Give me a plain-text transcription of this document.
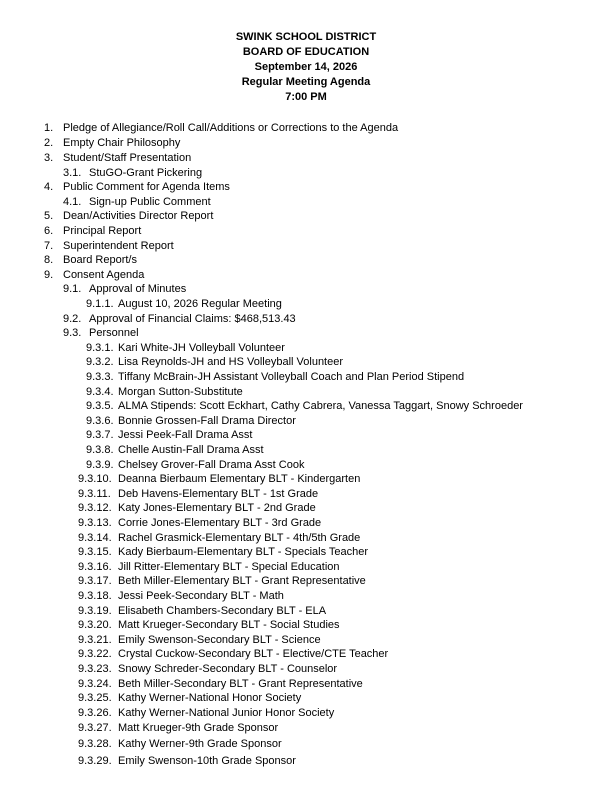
SWINK SCHOOL DISTRICT
BOARD OF EDUCATION
September 14, 2026
Regular Meeting Agenda
7:00 PM
1. Pledge of Allegiance/Roll Call/Additions or Corrections to the Agenda
2. Empty Chair Philosophy
3. Student/Staff Presentation
3.1. StuGO-Grant Pickering
4. Public Comment for Agenda Items
4.1. Sign-up Public Comment
5. Dean/Activities Director Report
6. Principal Report
7. Superintendent Report
8. Board Report/s
9. Consent Agenda
9.1. Approval of Minutes
9.1.1. August 10, 2026 Regular Meeting
9.2. Approval of Financial Claims: $468,513.43
9.3. Personnel
9.3.1. Kari White-JH Volleyball Volunteer
9.3.2. Lisa Reynolds-JH and HS Volleyball Volunteer
9.3.3. Tiffany McBrain-JH Assistant Volleyball Coach and Plan Period Stipend
9.3.4. Morgan Sutton-Substitute
9.3.5. ALMA Stipends: Scott Eckhart, Cathy Cabrera, Vanessa Taggart, Snowy Schroeder
9.3.6. Bonnie Grossen-Fall Drama Director
9.3.7. Jessi Peek-Fall Drama Asst
9.3.8. Chelle Austin-Fall Drama Asst
9.3.9. Chelsey Grover-Fall Drama Asst Cook
9.3.10. Deanna Bierbaum Elementary BLT - Kindergarten
9.3.11. Deb Havens-Elementary BLT - 1st Grade
9.3.12. Katy Jones-Elementary BLT - 2nd Grade
9.3.13. Corrie Jones-Elementary BLT - 3rd Grade
9.3.14. Rachel Grasmick-Elementary BLT - 4th/5th Grade
9.3.15. Kady Bierbaum-Elementary BLT - Specials Teacher
9.3.16. Jill Ritter-Elementary BLT - Special Education
9.3.17. Beth Miller-Elementary BLT - Grant Representative
9.3.18. Jessi Peek-Secondary BLT - Math
9.3.19. Elisabeth Chambers-Secondary BLT - ELA
9.3.20. Matt Krueger-Secondary BLT - Social Studies
9.3.21. Emily Swenson-Secondary BLT - Science
9.3.22. Crystal Cuckow-Secondary BLT - Elective/CTE Teacher
9.3.23. Snowy Schreder-Secondary BLT - Counselor
9.3.24. Beth Miller-Secondary BLT - Grant Representative
9.3.25. Kathy Werner-National Honor Society
9.3.26. Kathy Werner-National Junior Honor Society
9.3.27. Matt Krueger-9th Grade Sponsor
9.3.28. Kathy Werner-9th Grade Sponsor
9.3.29. Emily Swenson-10th Grade Sponsor
